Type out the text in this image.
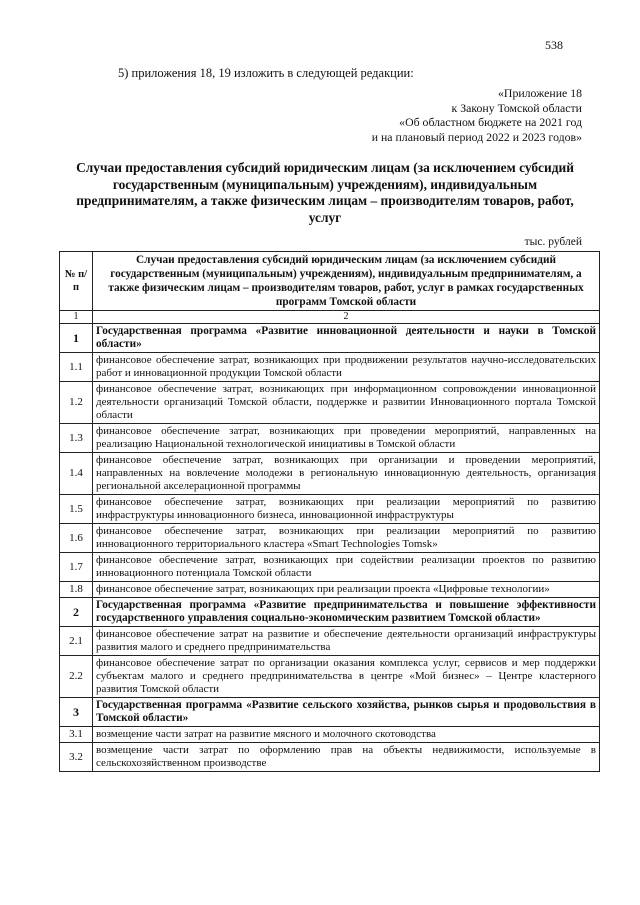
538
5) приложения 18, 19 изложить в следующей редакции:
«Приложение 18
к Закону Томской области
«Об областном бюджете на 2021 год
и на плановый период 2022 и 2023 годов»
Случаи предоставления субсидий юридическим лицам (за исключением субсидий государственным (муниципальным) учреждениям), индивидуальным предпринимателям, а также физическим лицам – производителям товаров, работ, услуг
тыс. рублей
№ п/п	Случаи предоставления субсидий юридическим лицам (за исключением субсидий государственным (муниципальным) учреждениям), индивидуальным предпринимателям, а также физическим лицам – производителям товаров, работ, услуг в рамках государственных программ Томской области
1	2
1	Государственная программа «Развитие инновационной деятельности и науки в Томской области»
1.1	финансовое обеспечение затрат, возникающих при продвижении результатов научно-исследовательских работ и инновационной продукции Томской области
1.2	финансовое обеспечение затрат, возникающих при информационном сопровождении инновационной деятельности организаций Томской области, поддержке и развитии Инновационного портала Томской области
1.3	финансовое обеспечение затрат, возникающих при проведении мероприятий, направленных на реализацию Национальной технологической инициативы в Томской области
1.4	финансовое обеспечение затрат, возникающих при организации и проведении мероприятий, направленных на вовлечение молодежи в региональную инновационную деятельность, организация региональной акселерационной программы
1.5	финансовое обеспечение затрат, возникающих при реализации мероприятий по развитию инфраструктуры инновационного бизнеса, инновационной инфраструктуры
1.6	финансовое обеспечение затрат, возникающих при реализации мероприятий по развитию инновационного территориального кластера «Smart Technologies Tomsk»
1.7	финансовое обеспечение затрат, возникающих при содействии реализации проектов по развитию инновационного потенциала Томской области
1.8	финансовое обеспечение затрат, возникающих при реализации проекта «Цифровые технологии»
2	Государственная программа «Развитие предпринимательства и повышение эффективности государственного управления социально-экономическим развитием Томской области»
2.1	финансовое обеспечение затрат на развитие и обеспечение деятельности организаций инфраструктуры развития малого и среднего предпринимательства
2.2	финансовое обеспечение затрат по организации оказания комплекса услуг, сервисов и мер поддержки субъектам малого и среднего предпринимательства в центре «Мой бизнес» – Центре кластерного развития Томской области
3	Государственная программа «Развитие сельского хозяйства, рынков сырья и продовольствия в Томской области»
3.1	возмещение части затрат на развитие мясного и молочного скотоводства
3.2	возмещение части затрат по оформлению прав на объекты недвижимости, используемые в сельскохозяйственном производстве
